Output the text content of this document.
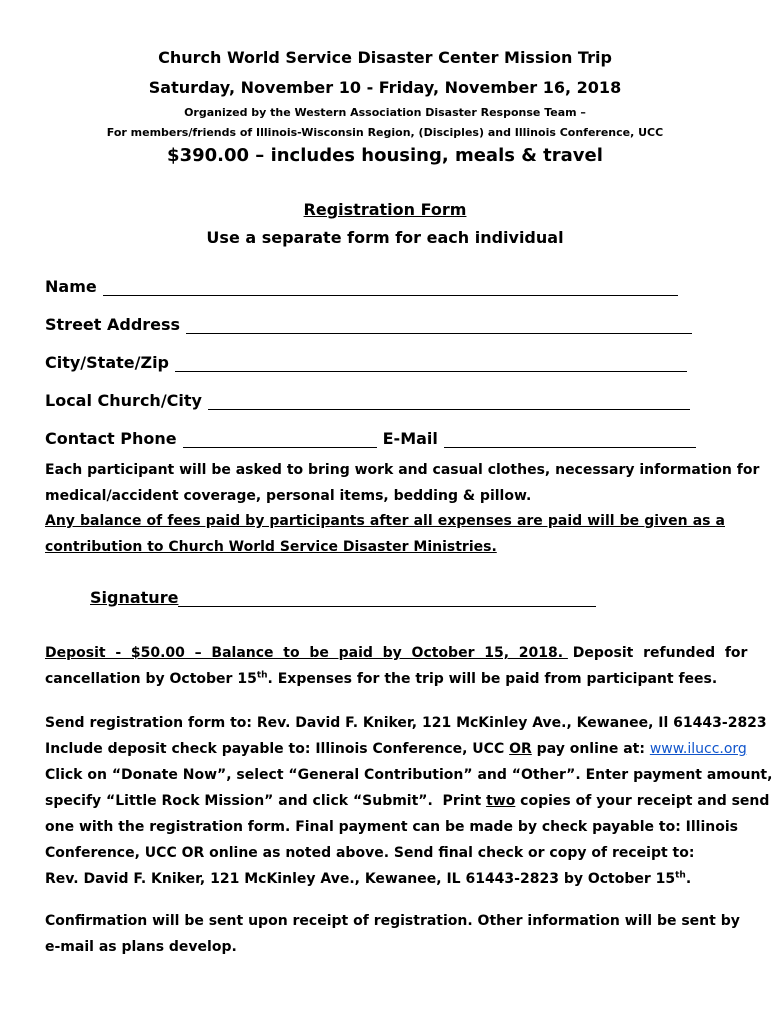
Church World Service Disaster Center Mission Trip
Saturday, November 10 - Friday, November 16, 2018
Organized by the Western Association Disaster Response Team –
For members/friends of Illinois-Wisconsin Region, (Disciples) and Illinois Conference, UCC
$390.00 – includes housing, meals & travel
Registration Form
Use a separate form for each individual
Name
Street Address
City/State/Zip
Local Church/City
Contact Phone	E-Mail
Each participant will be asked to bring work and casual clothes, necessary information for
medical/accident coverage, personal items, bedding & pillow.
Any balance of fees paid by participants after all expenses are paid will be given as a
contribution to Church World Service Disaster Ministries.
Signature
Deposit  -  $50.00  –  Balance  to  be  paid  by  October  15,  2018.  Deposit  refunded  for
cancellation by October 15th. Expenses for the trip will be paid from participant fees.
Send registration form to: Rev. David F. Kniker, 121 McKinley Ave., Kewanee, Il 61443-2823
Include deposit check payable to: Illinois Conference, UCC OR pay online at: www.ilucc.org
Click on “Donate Now”, select “General Contribution” and “Other”. Enter payment amount,
specify “Little Rock Mission” and click “Submit”.  Print two copies of your receipt and send
one with the registration form. Final payment can be made by check payable to: Illinois
Conference, UCC OR online as noted above. Send final check or copy of receipt to:
Rev. David F. Kniker, 121 McKinley Ave., Kewanee, IL 61443-2823 by October 15th.
Confirmation will be sent upon receipt of registration. Other information will be sent by
e-mail as plans develop.
